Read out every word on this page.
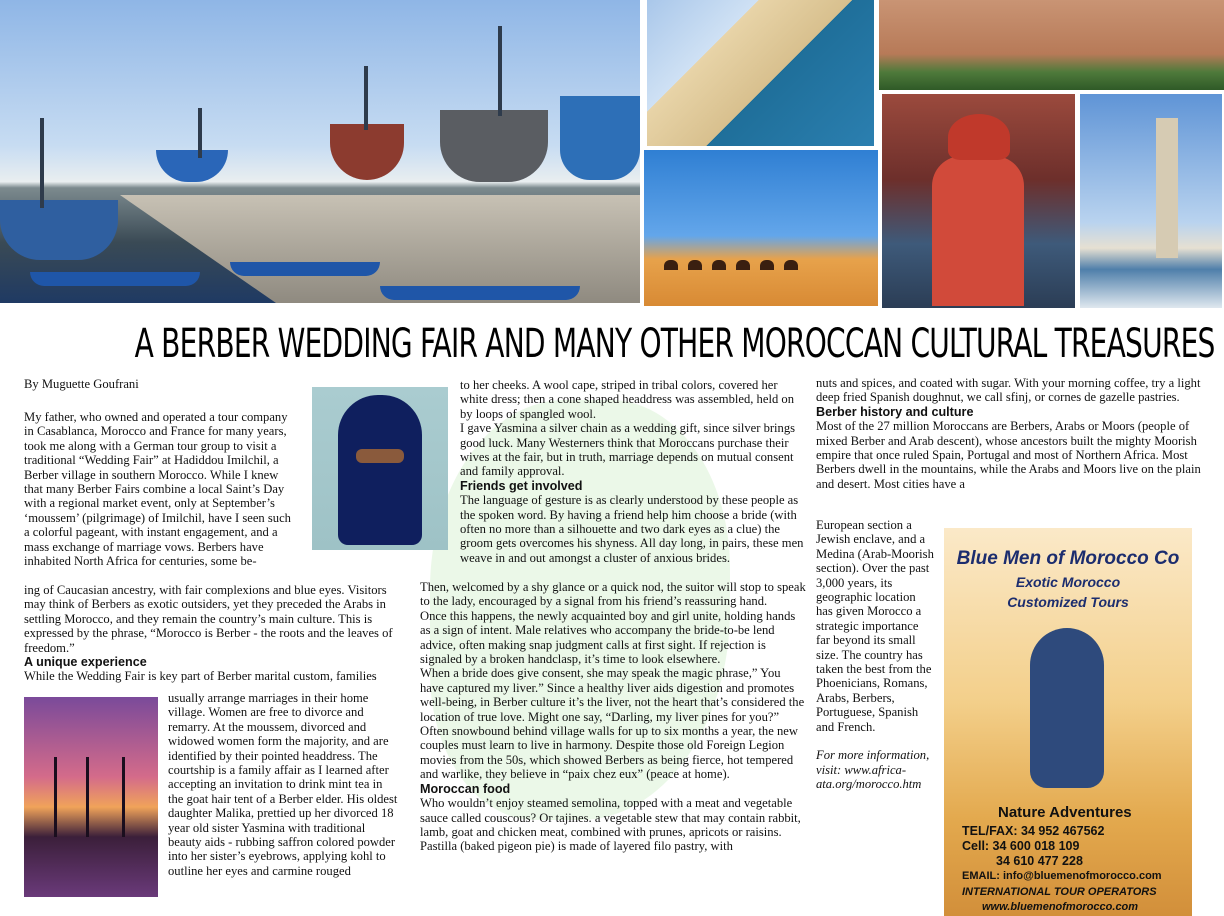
A BERBER WEDDING FAIR AND MANY OTHER MOROCCAN CULTURAL TREASURES
By Muguette Goufrani

My father, who owned and operated a tour company in Casablanca, Morocco and France for many years, took me along with a German tour group to visit a traditional “Wedding Fair” at Hadiddou Imilchil, a Berber village in southern Morocco. While I knew that many Berber Fairs combine a local Saint’s Day with a regional market event, only at September’s ‘moussem’ (pilgrimage) of Imilchil, have I seen such a colorful pageant, with instant engagement, and a mass exchange of marriage vows. Berbers have inhabited North Africa for centuries, some be-

ing of Caucasian ancestry, with fair complexions and blue eyes. Visitors may think of Berbers as exotic outsiders, yet they preceded the Arabs in settling Morocco, and they remain the country’s main culture. This is expressed by the phrase, “Morocco is Berber - the roots and the leaves of freedom.”

A unique experience

While the Wedding Fair is key part of Berber marital custom, families

usually arrange marriages in their home village. Women are free to divorce and remarry. At the moussem, divorced and widowed women form the majority, and are identified by their pointed headdress. The courtship is a family affair as I learned after accepting an invitation to drink mint tea in the goat hair tent of a Berber elder. His oldest daughter Malika, prettied up her divorced 18 year old sister Yasmina with traditional beauty aids - rubbing saffron colored powder into her sister’s eyebrows, applying kohl to outline her eyes and carmine rouged

to her cheeks. A wool cape, striped in tribal colors, covered her white dress; then a cone shaped headdress was assembled, held on by loops of spangled wool.

I gave Yasmina a silver chain as a wedding gift, since silver brings good luck. Many Westerners think that Moroccans purchase their wives at the fair, but in truth, marriage depends on mutual consent and family approval.

Friends get involved

The language of gesture is as clearly understood by these people as the spoken word. By having a friend help him choose a bride (with often no more than a silhouette and two dark eyes as a clue) the groom gets overcomes his shyness. All day long, in pairs, these men weave in and out amongst a cluster of anxious brides.

Then, welcomed by a shy glance or a quick nod, the suitor will stop to speak to the lady, encouraged by a signal from his friend’s reassuring hand.

Once this happens, the newly acquainted boy and girl unite, holding hands as a sign of intent. Male relatives who accompany the bride-to-be lend advice, often making snap judgment calls at first sight. If rejection is signaled by a broken handclasp, it’s time to look elsewhere.

When a bride does give consent, she may speak the magic phrase,” You have captured my liver.” Since a healthy liver aids digestion and promotes well-being, in Berber culture it’s the liver, not the heart that’s considered the location of true love. Might one say, “Darling, my liver pines for you?” Often snowbound behind village walls for up to six months a year, the new couples must learn to live in harmony. Despite those old Foreign Legion movies from the 50s, which showed Berbers as being fierce, hot tempered and warlike, they believe in “paix chez eux” (peace at home).

Moroccan food

Who wouldn’t enjoy steamed semolina, topped with a meat and vegetable sauce called couscous? Or tajines. a vegetable stew that may contain rabbit, lamb, goat and chicken meat, combined with prunes, apricots or raisins. Pastilla (baked pigeon pie) is made of layered filo pastry, with

nuts and spices, and coated with sugar. With your morning coffee, try a light deep fried Spanish doughnut, we call sfinj, or cornes de gazelle pastries.

Berber history and culture

Most of the 27 million Moroccans are Berbers, Arabs or Moors (people of mixed Berber and Arab descent), whose ancestors built the mighty Moorish empire that once ruled Spain, Portugal and most of Northern Africa. Most Berbers dwell in the mountains, while the Arabs and Moors live on the plain and desert. Most cities have a

European section a Jewish enclave, and a Medina (Arab-Moorish section). Over the past 3,000 years, its geographic location has given Morocco a strategic importance far beyond its small size. The country has taken the best from the Phoenicians, Romans, Arabs, Berbers, Portuguese, Spanish and French.

For more information, visit: www.africa-ata.org/morocco.htm

Blue Men of Morocco Co
Exotic Morocco
Customized Tours
Nature Adventures
TEL/FAX: 34 952 467562
Cell: 34 600 018 109
34 610 477 228
EMAIL: info@bluemenofmorocco.com
INTERNATIONAL TOUR OPERATORS
www.bluemenofmorocco.com
